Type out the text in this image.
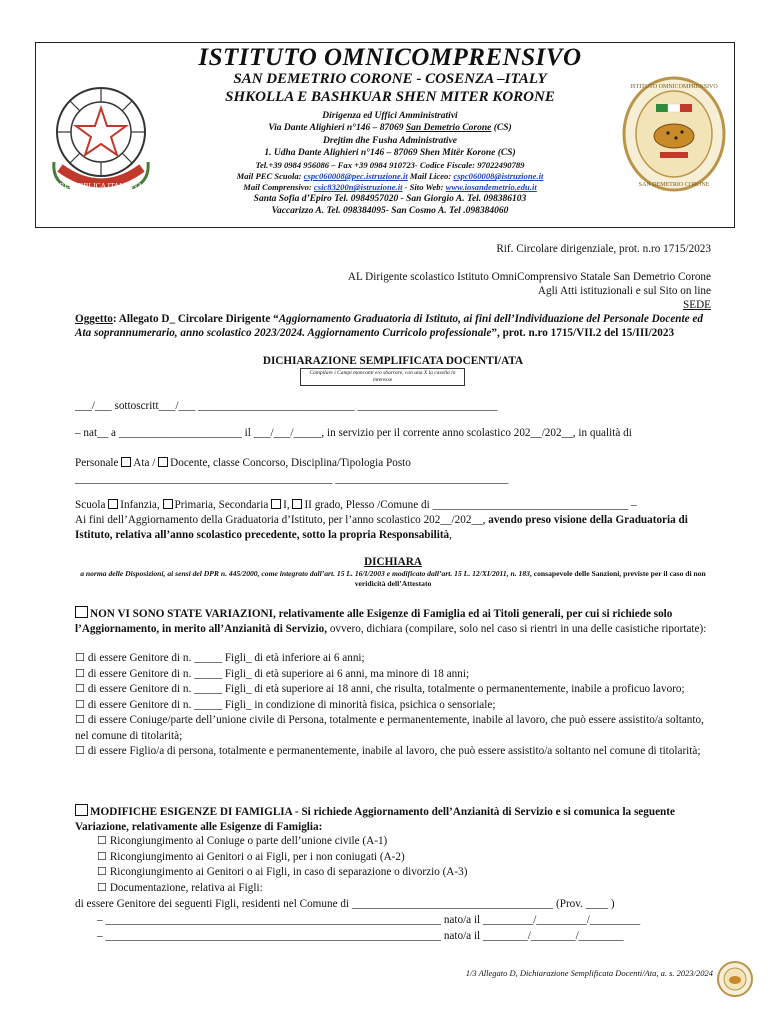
REPUBBLICA ITALIANA
ISTITUTO OMNICOMPRENSIVO
SAN DEMETRIO CORONE
ISTITUTO OMNICOMPRENSIVO
SAN DEMETRIO CORONE - COSENZA –ITALY
SHKOLLA E BASHKUAR SHEN MITER KORONE
Dirigenza ed Uffici Amministrativi
Via Dante Alighieri n°146 – 87069 San Demetrio Corone (CS)
Drejtim dhe Fusha Administrative
1. Udha Dante Alighieri n°146 – 87069 Shen Mitër Korone (CS)
Tel.+39 0984 956086 – Fax +39 0984 910723- Codice Fiscale: 97022490789
Mail PEC Scuola: cspc060008@pec.istruzione.it Mail Liceo: cspc060008@istruzione.it
Mail Comprensivo: csic83200n@istruzione.it - Sito Web: www.iosandemetrio.edu.it
Santa Sofia d’Epiro Tel. 0984957020 - San Giorgio A. Tel. 098386103
Vaccarizzo A. Tel. 098384095- San Cosmo A. Tel .098384060
Rif. Circolare dirigenziale, prot. n.ro 1715/2023
AL Dirigente scolastico Istituto OmniComprensivo Statale San Demetrio Corone
Agli Atti istituzionali e sul Sito on line
SEDE
Oggetto: Allegato D_ Circolare Dirigente “Aggiornamento Graduatoria di Istituto, ai fini dell’Individuazione del Personale Docente ed Ata soprannumerario, anno scolastico 2023/2024. Aggiornamento Curricolo professionale”, prot. n.ro 1715/VII.2 del 15/III/2023
DICHIARAZIONE SEMPLIFICATA DOCENTI/ATA
Compilare i Campi mancanti e/o sbarrare, con una X la casella in interesse
___/___ sottoscritt___/___ ____________________________ _________________________
– nat__ a ______________________ il ___/___/_____, in servizio per il corrente anno scolastico 202__/202__, in qualità di
Personale Ata / Docente, classe Concorso, Disciplina/Tipologia Posto
______________________________________________ _______________________________
Scuola Infanzia, Primaria, Secondaria I, II grado, Plesso /Comune di ___________________________________ –
Ai fini dell’Aggiornamento della Graduatoria d’Istituto, per l’anno scolastico 202__/202__, avendo preso visione della Graduatoria di Istituto, relativa all’anno scolastico precedente, sotto la propria Responsabilità,
DICHIARA
a norma delle Disposizioni, ai sensi del DPR n. 445/2000, come integrato dall’art. 15 L. 16/I/2003 e modificato dall’art. 15 L. 12/XI/2011, n. 183, consapevole delle Sanzioni, previste per il caso di non veridicità dell’Attestato
NON VI SONO STATE VARIAZIONI, relativamente alle Esigenze di Famiglia ed ai Titoli generali, per cui si richiede solo l’Aggiornamento, in merito all’Anzianità di Servizio, ovvero, dichiara (compilare, solo nel caso si rientri in una delle casistiche riportate):
☐ di essere Genitore di n. _____ Figli_ di età inferiore ai 6 anni;
☐ di essere Genitore di n. _____ Figli_ di età superiore ai 6 anni, ma minore di 18 anni;
☐ di essere Genitore di n. _____ Figli_ di età superiore ai 18 anni, che risulta, totalmente o permanentemente, inabile a proficuo lavoro;
☐ di essere Genitore di n. _____ Figli_ in condizione di minorità fisica, psichica o sensoriale;
☐ di essere Coniuge/parte dell’unione civile di Persona, totalmente e permanentemente, inabile al lavoro, che può essere assistito/a soltanto, nel comune di titolarità;
☐ di essere Figlio/a di persona, totalmente e permanentemente, inabile al lavoro, che può essere assistito/a soltanto nel comune di titolarità;
MODIFICHE ESIGENZE DI FAMIGLIA - Si richiede Aggiornamento dell’Anzianità di Servizio e si comunica la seguente Variazione, relativamente alle Esigenze di Famiglia:
☐ Ricongiungimento al Coniuge o parte dell’unione civile (A-1)
☐ Ricongiungimento ai Genitori o ai Figli, per i non coniugati (A-2)
☐ Ricongiungimento ai Genitori o ai Figli, in caso di separazione o divorzio (A-3)
☐ Documentazione, relativa ai Figli:
di essere Genitore dei seguenti Figli, residenti nel Comune di ____________________________________ (Prov. ____ )
– ____________________________________________________________ nato/a il _________/_________/_________
– ____________________________________________________________ nato/a il ________/________/________
1/3 Allegato D, Dichiarazione Semplificata Docenti/Ata, a. s. 2023/2024
